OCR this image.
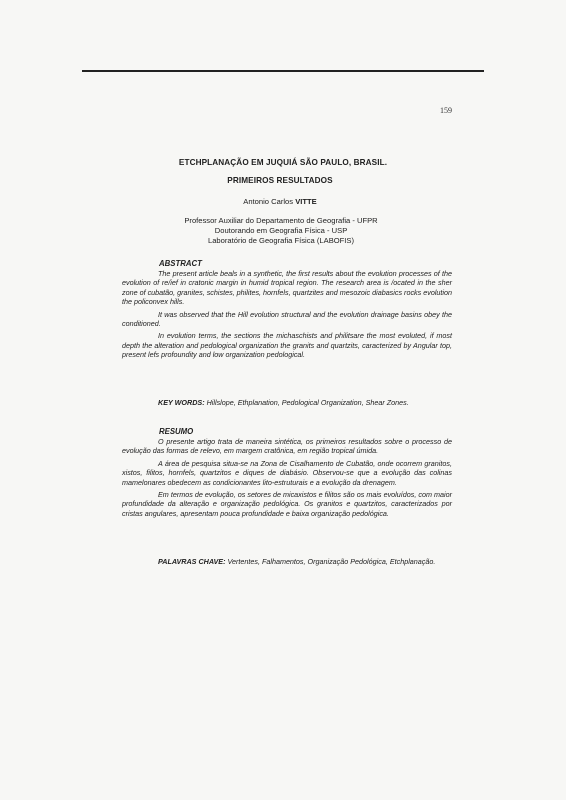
159
ETCHPLANAÇÃO EM JUQUIÁ SÃO PAULO, BRASIL.
PRIMEIROS RESULTADOS
Antonio Carlos VITTE
Professor Auxiliar do Departamento de Geografia - UFPR
Doutorando em Geografia Física - USP
Laboratório de Geografia Física (LABOFIS)
ABSTRACT

The present article beals in a synthetic, the first results about the evolution processes of the evolution of re/ief in cratonic margin in humid tropical region. The research area is /ocated in the sher zone of cubatão, granites, schistes, philites, hornfels, quartzites and mesozoic diabasics rocks evolution the policonvex hills.

It was observed that the Hill evolution structural and the evolution drainage basins obey the conditioned.

In evolution terms, the sections the michaschists and philitsare the most evoluted, if most depth the alteration and pedological organization the granits and quartzits, caracterized by Angular top, present lefs profoundity and low organization pedological.

KEY WORDS: Hillslope, Ethplanation, Pedological Organization, Shear Zones.

RESUMO

O presente artigo trata de maneira sintética, os primeiros resultados sobre o processo de evolução das formas de relevo, em margem cratônica, em região tropical úmida.

A área de pesquisa situa-se na Zona de Cisalhamento de Cubatão, onde ocorrem granitos, xistos, filitos, hornfels, quartzitos e diques de diabásio. Observou-se que a evolução das colinas mamelonares obedecem as condicionantes lito-estruturais e a evolução da drenagem.

Em termos de evolução, os setores de micaxistos e filitos são os mais evoluídos, com maior profundidade da alteração e organização pedológica. Os granitos e quartzitos, caracterizados por cristas angulares, apresentam pouca profundidade e baixa organização pedológica.

PALAVRAS CHAVE: Vertentes, Falhamentos, Organização Pedológica, Etchplanação.
